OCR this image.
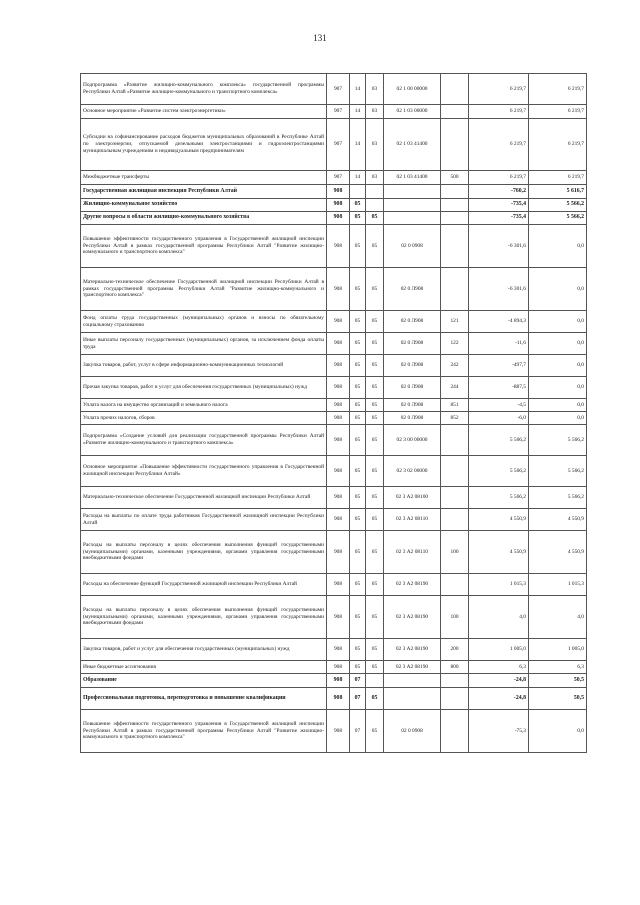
131
Подпрограмма «Развитие жилищно-коммунального комплекса» государственной программы Республики Алтай «Развитие жилищно-коммунального и транспортного комплекса»	907	14	03	02 1 00 00000		6 219,7	6 219,7
Основное мероприятие «Развитие систем электроэнергетики»	907	14	03	02 1 03 00000		6 219,7	6 219,7
Субсидии на софинансирование расходов бюджетов муниципальных образований в Республике Алтай по электроэнергии, отпускаемой дизельными электростанциями и гидроэлектростанциями муниципальным учреждениям и индивидуальным предпринимателям	907	14	03	02 1 03 41400		6 219,7	6 219,7
Межбюджетные трансферты	907	14	03	02 1 03 41400	500	6 219,7	6 219,7
Государственная жилищная инспекция Республики Алтай	908					-760,2	5 616,7
Жилищно-коммунальное хозяйство	908	05				-735,4	5 566,2
Другие вопросы в области жилищно-коммунального хозяйства	908	05	05			-735,4	5 566,2
Повышение эффективности государственного управления в Государственной жилищной инспекции Республики Алтай в рамках государственной программы Республики Алтай "Развитие жилищно-коммунального и транспортного комплекса"	908	05	05	02 0 0908		-6 301,6	0,0
Материально-техническое обеспечение Государственной жилищной инспекции Республики Алтай в рамках государственной программы Республики Алтай "Развитие жилищно-коммунального и транспортного комплекса"	908	05	05	02 0 Л908		-6 301,6	0,0
Фонд оплаты труда государственных (муниципальных) органов и взносы по обязательному социальному страхованию	908	05	05	02 0 Л908	121	-4 894,3	0,0
Иные выплаты персоналу государственных (муниципальных) органов, за исключением фонда оплаты труда	908	05	05	02 0 Л908	122	-11,6	0,0
Закупка товаров, работ, услуг в сфере информационно-коммуникационных технологий	908	05	05	02 0 Л908	242	-497,7	0,0
Прочая закупка товаров, работ и услуг для обеспечения государственных (муниципальных) нужд	908	05	05	02 0 Л908	244	-887,5	0,0
Уплата налога на имущество организаций и земельного налога	908	05	05	02 0 Л908	851	-4,5	0,0
Уплата прочих налогов, сборов	908	05	05	02 0 Л908	852	-6,0	0,0
Подпрограмма «Создание условий для реализации государственной программы Республики Алтай «Развитие жилищно-коммунального и транспортного комплекса»	908	05	05	02 3 00 00000		5 566,2	5 566,2
Основное мероприятие «Повышение эффективности государственного управления в Государственной жилищной инспекции Республики Алтай»	908	05	05	02 3 02 00000		5 566,2	5 566,2
Материально-техническое обеспечение Государственной жилищной инспекции Республики Алтай	908	05	05	02 3 А2 08100		5 566,2	5 566,2
Расходы на выплаты по оплате труда работников Государственной жилищной инспекции Республики Алтай	908	05	05	02 3 А2 08110		4 550,9	4 550,9
Расходы на выплаты персоналу в целях обеспечения выполнения функций государственными (муниципальными) органами, казенными учреждениями, органами управления государственными внебюджетными фондами	908	05	05	02 3 А2 08110	100	4 550,9	4 550,9
Расходы на обеспечение функций Государственной жилищной инспекции Республики Алтай	908	05	05	02 3 А2 08190		1 015,3	1 015,3
Расходы на выплаты персоналу в целях обеспечения выполнения функций государственными (муниципальными) органами, казенными учреждениями, органами управления государственными внебюджетными фондами	908	05	05	02 3 А2 08190	100	4,0	4,0
Закупка товаров, работ и услуг для обеспечения государственных (муниципальных) нужд	908	05	05	02 3 А2 08190	200	1 005,0	1 005,0
Иные бюджетные ассигнования	908	05	05	02 3 А2 08190	800	6,3	6,3
Образование	908	07				-24,8	50,5
Профессиональная подготовка, переподготовка и повышение квалификации	908	07	05			-24,8	50,5
Повышение эффективности государственного управления в Государственной жилищной инспекции Республики Алтай в рамках государственной программы Республики Алтай "Развитие жилищно-коммунального и транспортного комплекса"	908	07	05	02 0 0908		-75,3	0,0
